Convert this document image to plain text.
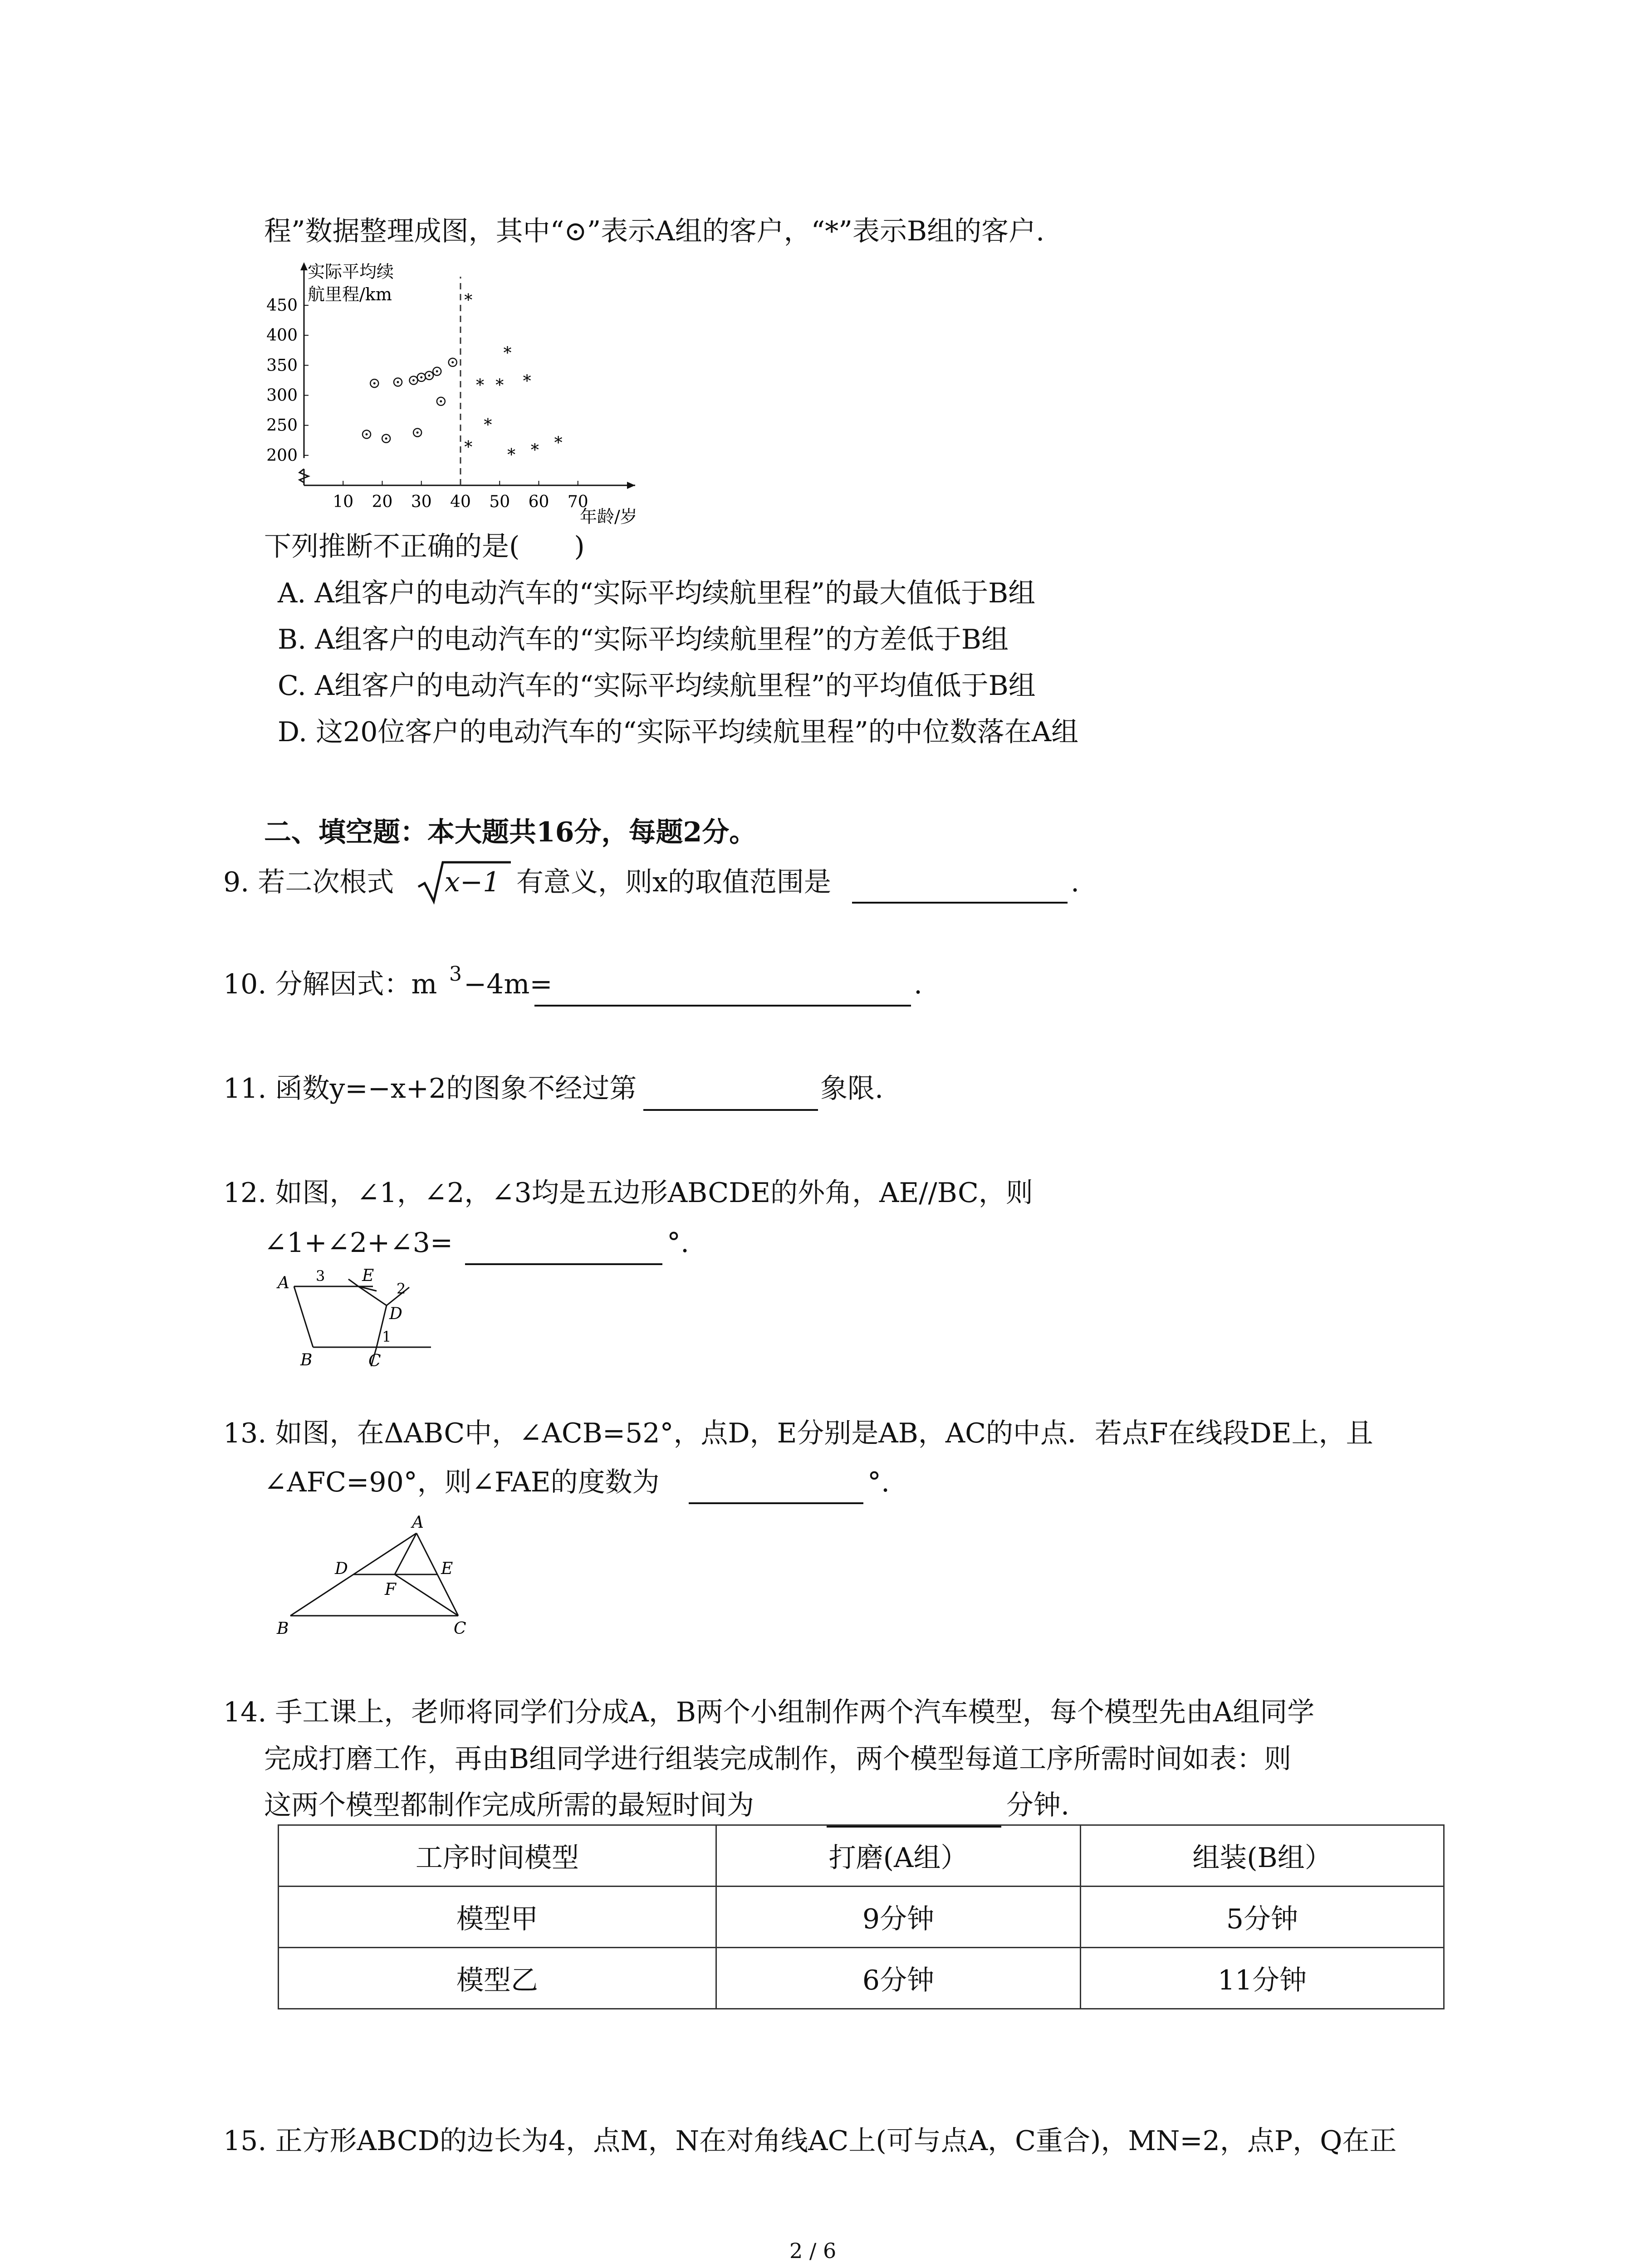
程”数据整理成图，其中“⊙”表示A组的客户，“*”表示B组的客户.
实际平均续
航里程/km
年龄/岁
10 20 30 40 50 60 70
200
250
300
350
400
450	*
* *
*
*
*
*
* * *
下列推断不正确的是(　　)
A. A组客户的电动汽车的“实际平均续航里程”的最大值低于B组
B. A组客户的电动汽车的“实际平均续航里程”的方差低于B组
C. A组客户的电动汽车的“实际平均续航里程”的平均值低于B组
D. 这20位客户的电动汽车的“实际平均续航里程”的中位数落在A组
二、填空题：本大题共16分，每题2分。
9. 若二次根式 x−1 有意义，则x的取值范围是	.
10. 分解因式：m 3 −4m=	.
11. 函数y=−x+2的图象不经过第	象限.
12. 如图，∠1，∠2，∠3均是五边形ABCDE的外角，AE//BC，则
∠1+∠2+∠3=	°.
A
B	C
D
E
1
2
3
13. 如图，在ΔABC中，∠ACB=52°，点D，E分别是AB，AC的中点．若点F在线段DE上，且
∠AFC=90°，则∠FAE的度数为	°.
A
B	C
D	E
F
14. 手工课上，老师将同学们分成A，B两个小组制作两个汽车模型，每个模型先由A组同学
完成打磨工作，再由B组同学进行组装完成制作，两个模型每道工序所需时间如表：则
这两个模型都制作完成所需的最短时间为	分钟.
工序时间模型	打磨(A组）	组装(B组）
模型甲	9分钟	5分钟
模型乙	6分钟	11分钟
15. 正方形ABCD的边长为4，点M，N在对角线AC上(可与点A，C重合)，MN=2，点P，Q在正
2 / 6
